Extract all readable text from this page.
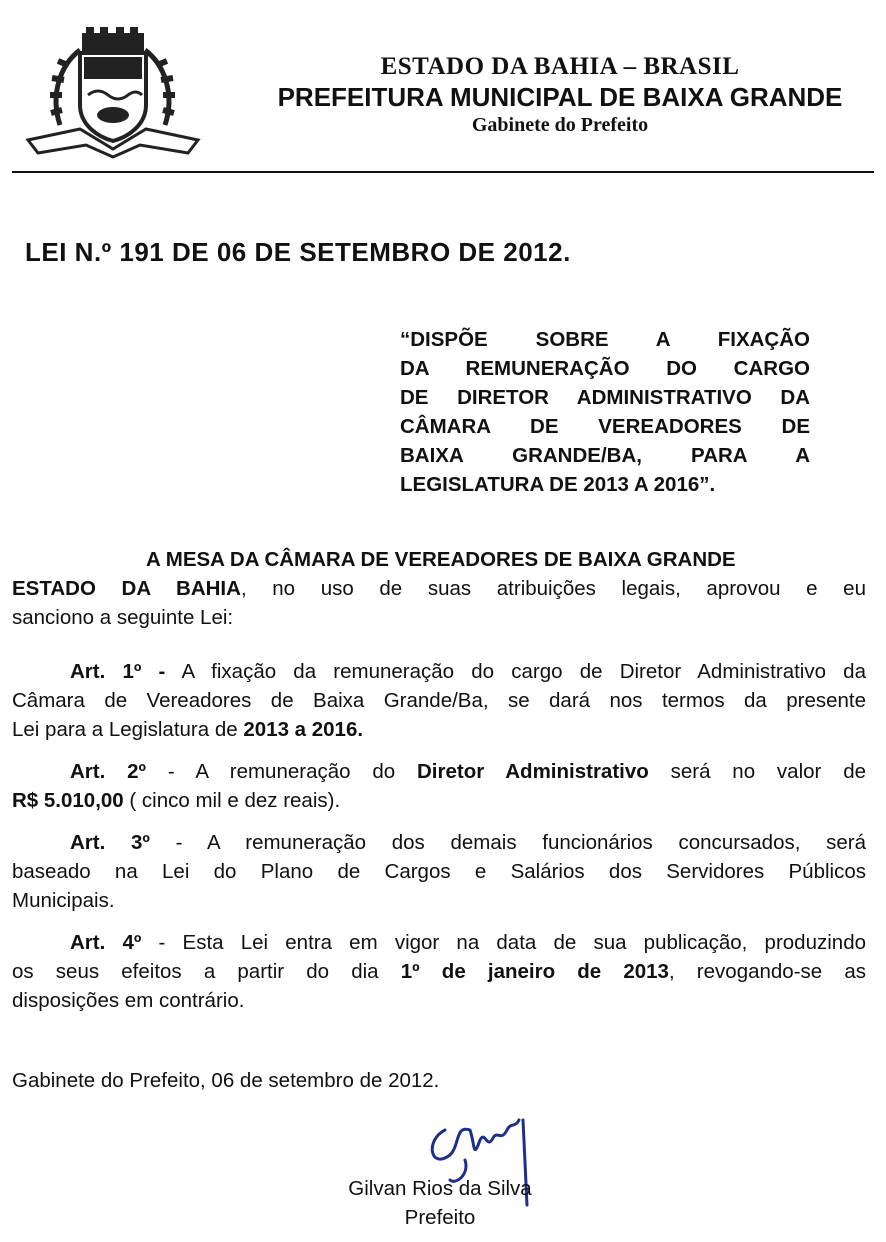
ESTADO DA BAHIA – BRASIL
PREFEITURA MUNICIPAL DE BAIXA GRANDE
Gabinete do Prefeito
LEI N.º 191 DE 06 DE SETEMBRO DE 2012.
“DISPÕE SOBRE A FIXAÇÃO
DA REMUNERAÇÃO DO CARGO
DE DIRETOR ADMINISTRATIVO DA
CÂMARA DE VEREADORES DE
BAIXA GRANDE/BA, PARA A
LEGISLATURA DE 2013 A 2016”.
A MESA DA CÂMARA DE VEREADORES DE BAIXA GRANDE
ESTADO DA BAHIA, no uso de suas atribuições legais, aprovou e eu
sanciono a seguinte Lei:
Art. 1º - A fixação da remuneração do cargo de Diretor Administrativo da
Câmara de Vereadores de Baixa Grande/Ba, se dará nos termos da presente
Lei para a Legislatura de 2013 a 2016.
Art. 2º - A remuneração do Diretor Administrativo será no valor de
R$ 5.010,00 ( cinco mil e dez reais).
Art. 3º - A remuneração dos demais funcionários concursados, será
baseado na Lei do Plano de Cargos e Salários dos Servidores Públicos
Municipais.
Art. 4º - Esta Lei entra em vigor na data de sua publicação, produzindo
os seus efeitos a partir do dia 1º de janeiro de 2013, revogando-se as
disposições em contrário.
Gabinete do Prefeito, 06 de setembro de 2012.
Gilvan Rios da Silva
Prefeito
